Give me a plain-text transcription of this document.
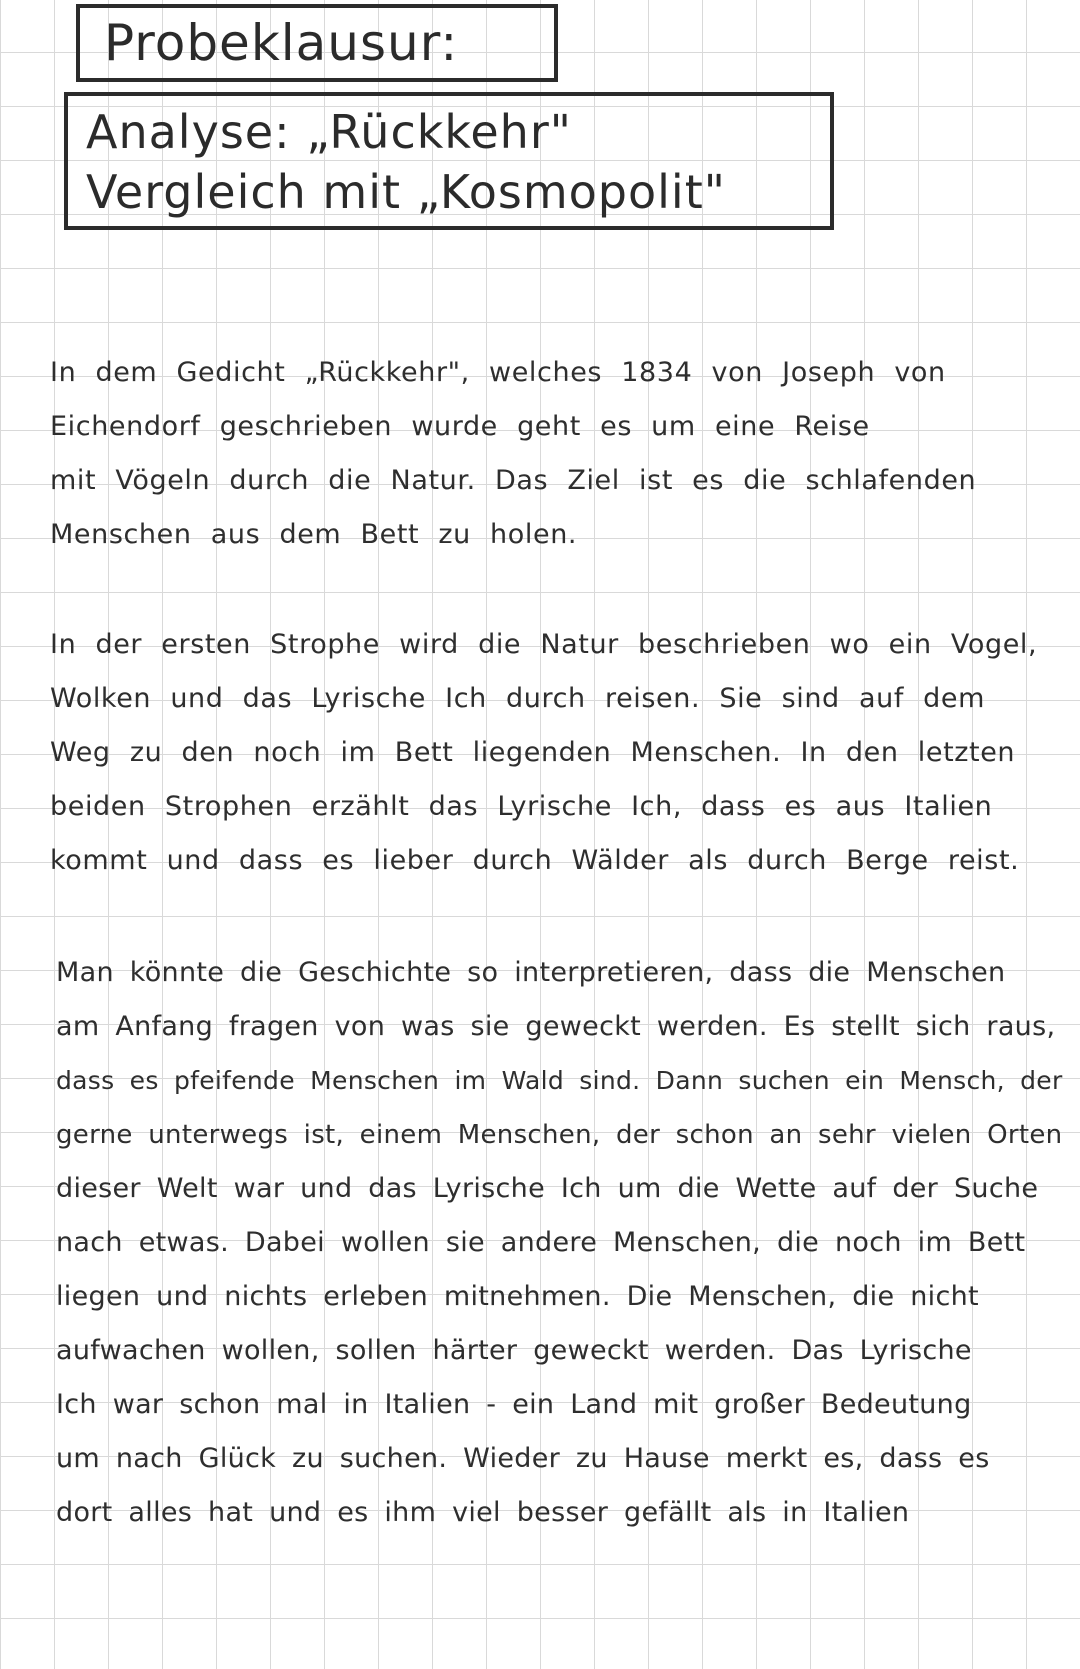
Probeklausur:
Analyse: „Rückkehr"
Vergleich mit „Kosmopolit"
In dem Gedicht „Rückkehr", welches 1834 von Joseph von
Eichendorf geschrieben wurde geht es um eine Reise
mit Vögeln durch die Natur. Das Ziel ist es die schlafenden
Menschen aus dem Bett zu holen.
In der ersten Strophe wird die Natur beschrieben wo ein Vogel,
Wolken und das Lyrische Ich durch reisen. Sie sind auf dem
Weg zu den noch im Bett liegenden Menschen. In den letzten
beiden Strophen erzählt das Lyrische Ich, dass es aus Italien
kommt und dass es lieber durch Wälder als durch Berge reist.
Man könnte die Geschichte so interpretieren, dass die Menschen
am Anfang fragen von was sie geweckt werden. Es stellt sich raus,
dass es pfeifende Menschen im Wald sind. Dann suchen ein Mensch, der
gerne unterwegs ist, einem Menschen, der schon an sehr vielen Orten
dieser Welt war und das Lyrische Ich um die Wette auf der Suche
nach etwas. Dabei wollen sie andere Menschen, die noch im Bett
liegen und nichts erleben mitnehmen. Die Menschen, die nicht
aufwachen wollen, sollen härter geweckt werden. Das Lyrische
Ich war schon mal in Italien - ein Land mit großer Bedeutung
um nach Glück zu suchen. Wieder zu Hause merkt es, dass es
dort alles hat und es ihm viel besser gefällt als in Italien
